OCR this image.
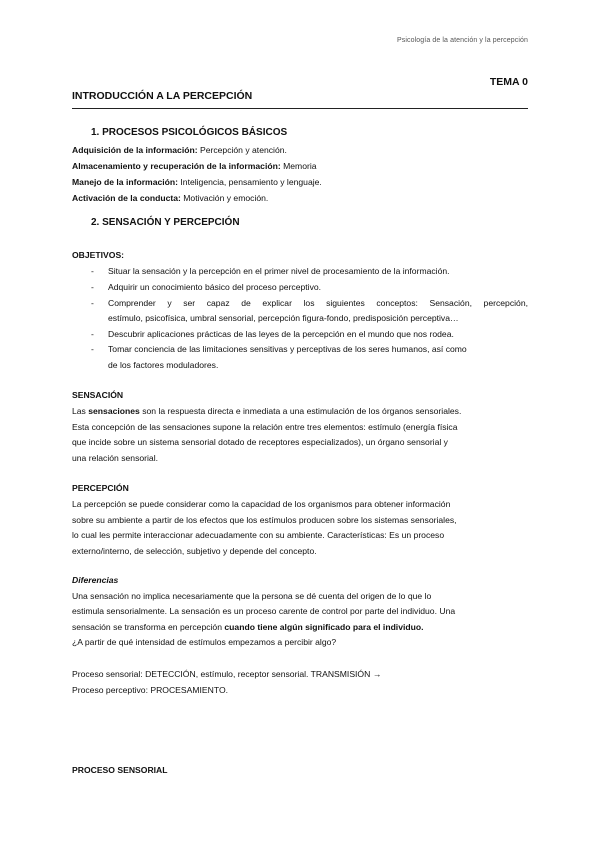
Psicología de la atención y la percepción
TEMA 0
INTRODUCCIÓN A LA PERCEPCIÓN
1. PROCESOS PSICOLÓGICOS BÁSICOS
Adquisición de la información: Percepción y atención.
Almacenamiento y recuperación de la información: Memoria
Manejo de la información: Inteligencia, pensamiento y lenguaje.
Activación de la conducta: Motivación y emoción.
2. SENSACIÓN Y PERCEPCIÓN
OBJETIVOS:
- Situar la sensación y la percepción en el primer nivel de procesamiento de la información.
- Adquirir un conocimiento básico del proceso perceptivo.
- Comprender y ser capaz de explicar los siguientes conceptos: Sensación, percepción,
estímulo, psicofísica, umbral sensorial, percepción figura-fondo, predisposición perceptiva…
- Descubrir aplicaciones prácticas de las leyes de la percepción en el mundo que nos rodea.
- Tomar conciencia de las limitaciones sensitivas y perceptivas de los seres humanos, así como
de los factores moduladores.
SENSACIÓN
Las sensaciones son la respuesta directa e inmediata a una estimulación de los órganos sensoriales.
Esta concepción de las sensaciones supone la relación entre tres elementos: estímulo (energía física
que incide sobre un sistema sensorial dotado de receptores especializados), un órgano sensorial y
una relación sensorial.
PERCEPCIÓN
La percepción se puede considerar como la capacidad de los organismos para obtener información
sobre su ambiente a partir de los efectos que los estímulos producen sobre los sistemas sensoriales,
lo cual les permite interaccionar adecuadamente con su ambiente. Características: Es un proceso
externo/interno, de selección, subjetivo y depende del concepto.
Diferencias
Una sensación no implica necesariamente que la persona se dé cuenta del origen de lo que lo
estimula sensorialmente. La sensación es un proceso carente de control por parte del individuo. Una
sensación se transforma en percepción cuando tiene algún significado para el individuo.
¿A partir de qué intensidad de estímulos empezamos a percibir algo?
Proceso sensorial: DETECCIÓN, estímulo, receptor sensorial. TRANSMISIÓN →
Proceso perceptivo: PROCESAMIENTO.
PROCESO SENSORIAL
